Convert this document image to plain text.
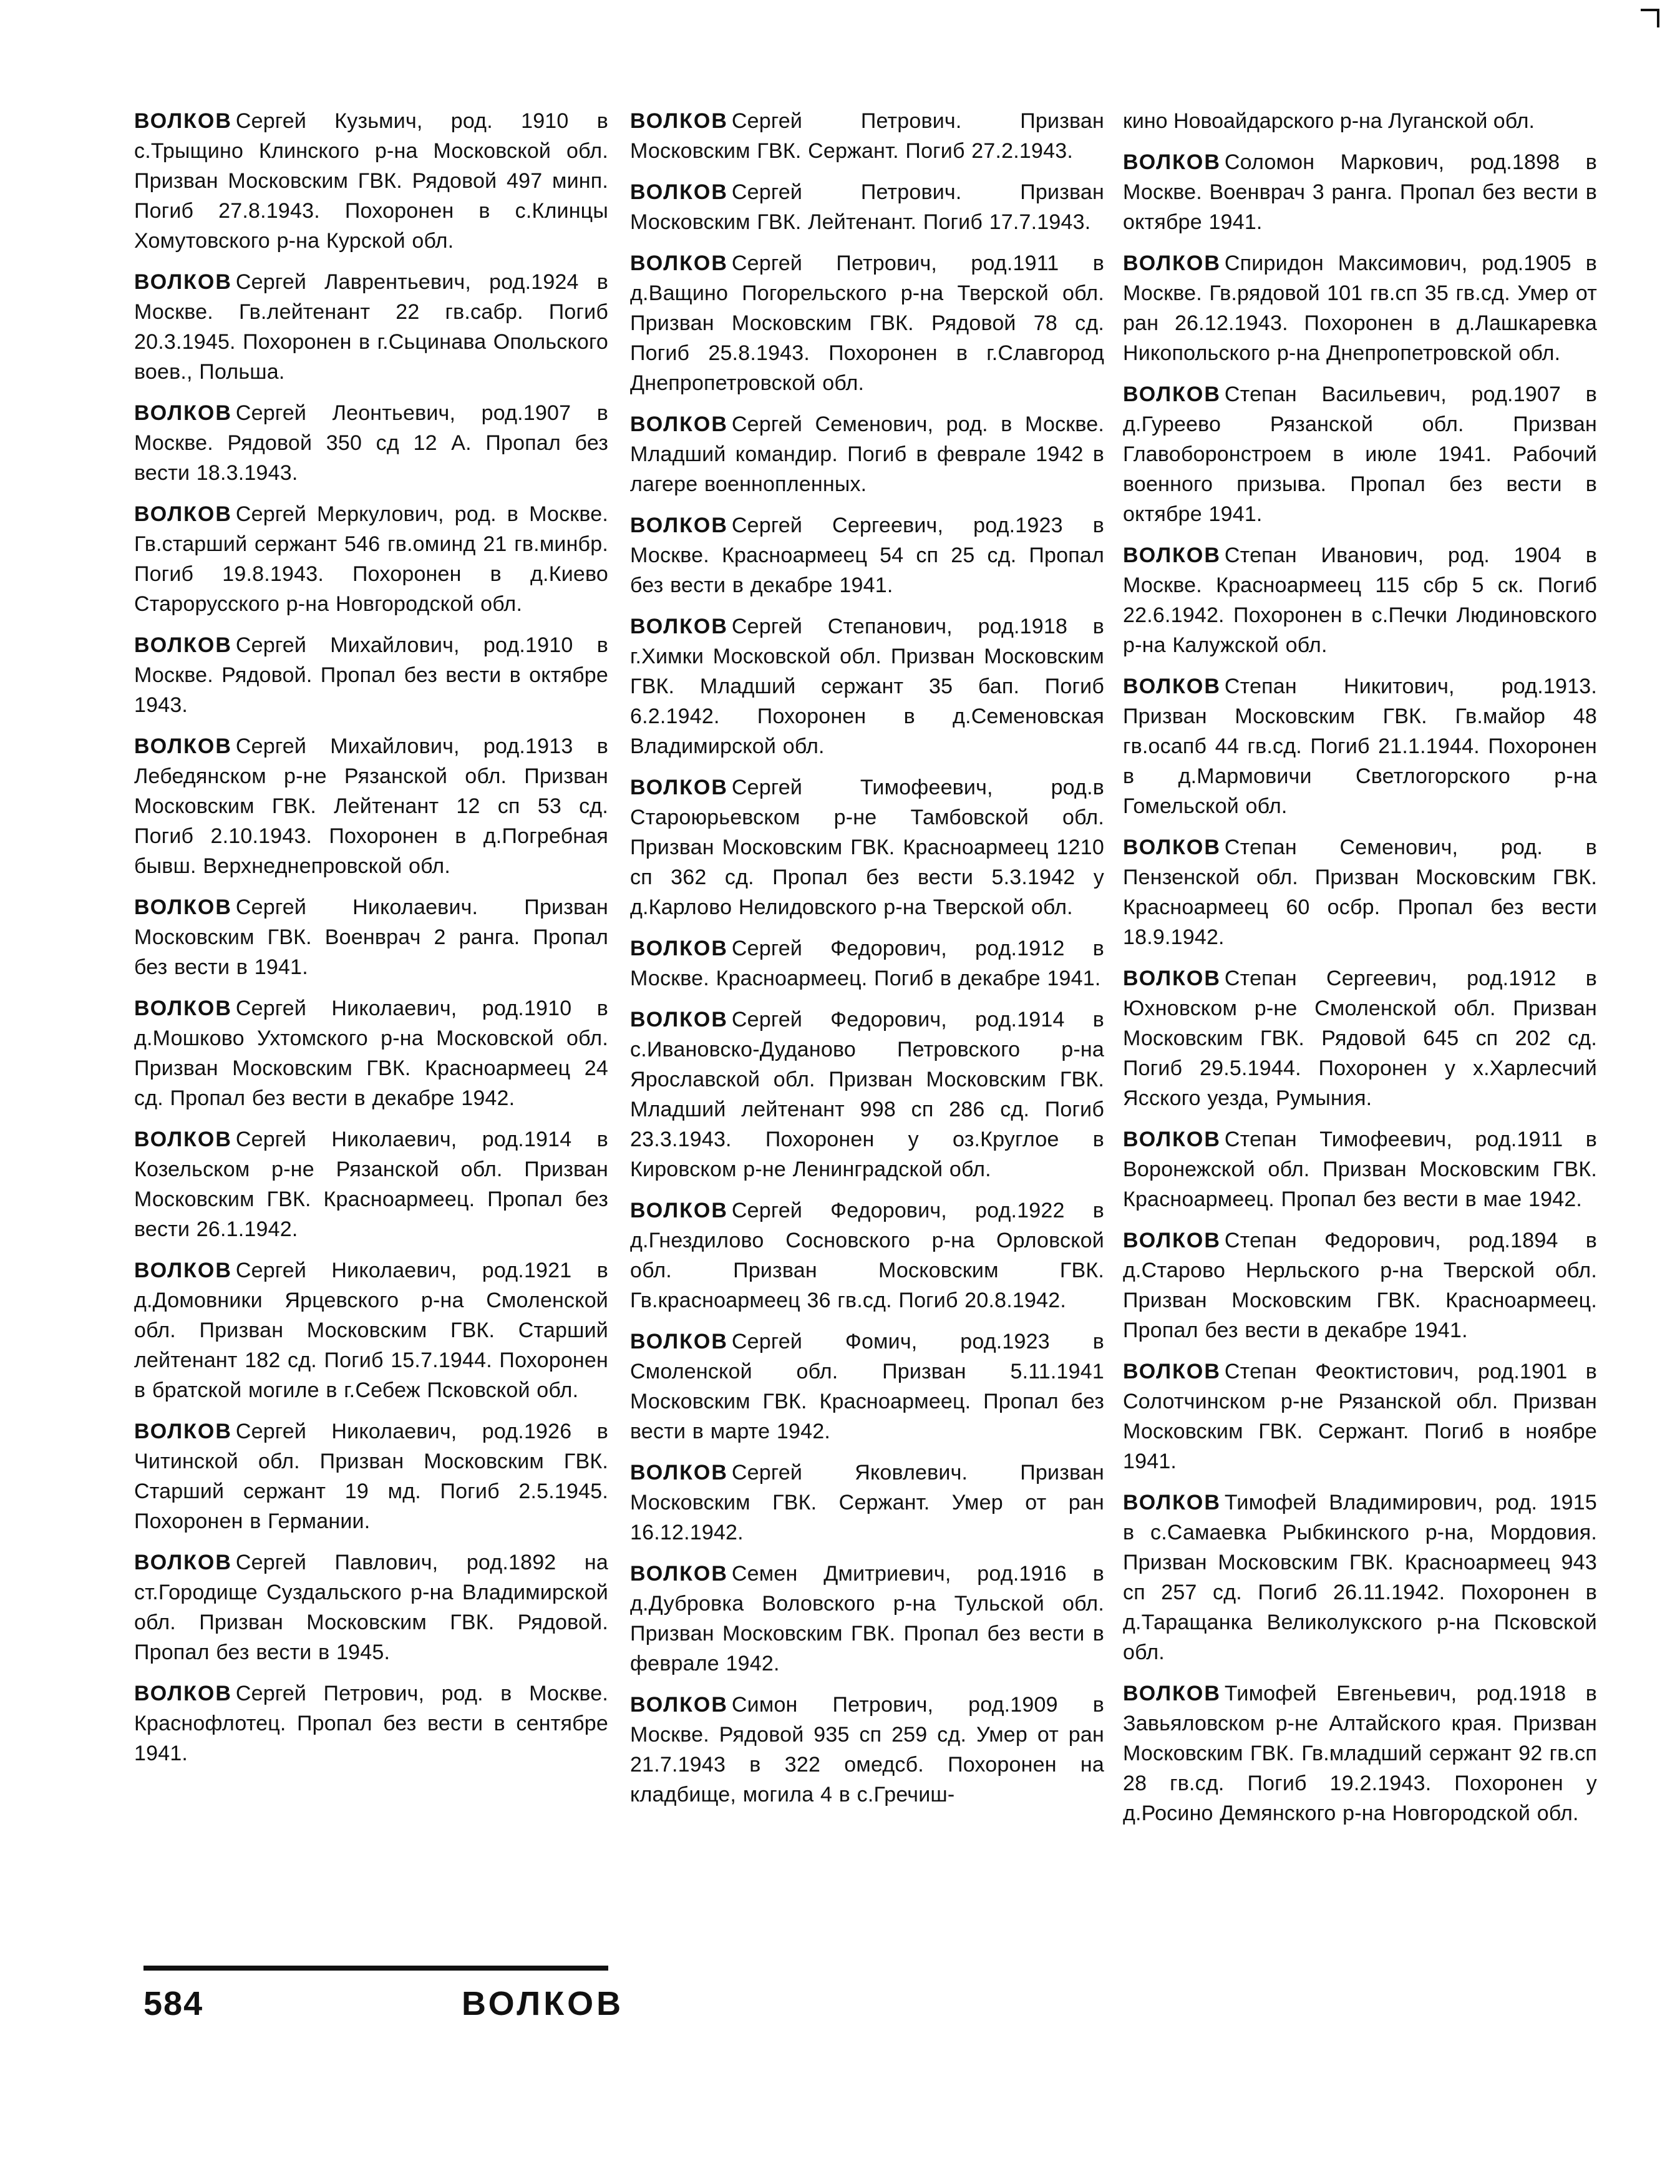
ВОЛКОВ Сергей Кузьмич, род. 1910 в с.Трыщино Клинского р-на Московской обл. Призван Московским ГВК. Рядовой 497 минп. Погиб 27.8.1943. Похоронен в с.Клинцы Хомутовского р-на Курской обл.

ВОЛКОВ Сергей Лаврентьевич, род.1924 в Москве. Гв.лейтенант 22 гв.сабр. Погиб 20.3.1945. Похоронен в г.Сьцинава Опольского воев., Польша.

ВОЛКОВ Сергей Леонтьевич, род.1907 в Москве. Рядовой 350 сд 12 А. Пропал без вести 18.3.1943.

ВОЛКОВ Сергей Меркулович, род. в Москве. Гв.старший сержант 546 гв.оминд 21 гв.минбр. Погиб 19.8.1943. Похоронен в д.Киево Старорусского р-на Новгородской обл.

ВОЛКОВ Сергей Михайлович, род.1910 в Москве. Рядовой. Пропал без вести в октябре 1943.

ВОЛКОВ Сергей Михайлович, род.1913 в Лебедянском р-не Рязанской обл. Призван Московским ГВК. Лейтенант 12 сп 53 сд. Погиб 2.10.1943. Похоронен в д.Погребная бывш. Верхнеднепровской обл.

ВОЛКОВ Сергей Николаевич. Призван Московским ГВК. Военврач 2 ранга. Пропал без вести в 1941.

ВОЛКОВ Сергей Николаевич, род.1910 в д.Мошково Ухтомского р-на Московской обл. Призван Московским ГВК. Красноармеец 24 сд. Пропал без вести в декабре 1942.

ВОЛКОВ Сергей Николаевич, род.1914 в Козельском р-не Рязанской обл. Призван Московским ГВК. Красноармеец. Пропал без вести 26.1.1942.

ВОЛКОВ Сергей Николаевич, род.1921 в д.Домовники Ярцевского р-на Смоленской обл. Призван Московским ГВК. Старший лейтенант 182 сд. Погиб 15.7.1944. Похоронен в братской могиле в г.Себеж Псковской обл.

ВОЛКОВ Сергей Николаевич, род.1926 в Читинской обл. Призван Московским ГВК. Старший сержант 19 мд. Погиб 2.5.1945. Похоронен в Германии.

ВОЛКОВ Сергей Павлович, род.1892 на ст.Городище Суздальского р-на Владимирской обл. Призван Московским ГВК. Рядовой. Пропал без вести в 1945.

ВОЛКОВ Сергей Петрович, род. в Москве. Краснофлотец. Пропал без вести в сентябре 1941.

ВОЛКОВ Сергей Петрович. Призван Московским ГВК. Сержант. Погиб 27.2.1943.

ВОЛКОВ Сергей Петрович. Призван Московским ГВК. Лейтенант. Погиб 17.7.1943.

ВОЛКОВ Сергей Петрович, род.1911 в д.Ващино Погорельского р-на Тверской обл. Призван Московским ГВК. Рядовой 78 сд. Погиб 25.8.1943. Похоронен в г.Славгород Днепропетровской обл.

ВОЛКОВ Сергей Семенович, род. в Москве. Младший командир. Погиб в феврале 1942 в лагере военнопленных.

ВОЛКОВ Сергей Сергеевич, род.1923 в Москве. Красноармеец 54 сп 25 сд. Пропал без вести в декабре 1941.

ВОЛКОВ Сергей Степанович, род.1918 в г.Химки Московской обл. Призван Московским ГВК. Младший сержант 35 бап. Погиб 6.2.1942. Похоронен в д.Семеновская Владимирской обл.

ВОЛКОВ Сергей Тимофеевич, род.в Староюрьевском р-не Тамбовской обл. Призван Московским ГВК. Красноармеец 1210 сп 362 сд. Пропал без вести 5.3.1942 у д.Карлово Нелидовского р-на Тверской обл.

ВОЛКОВ Сергей Федорович, род.1912 в Москве. Красноармеец. Погиб в декабре 1941.

ВОЛКОВ Сергей Федорович, род.1914 в с.Ивановско-Дуданово Петровского р-на Ярославской обл. Призван Московским ГВК. Младший лейтенант 998 сп 286 сд. Погиб 23.3.1943. Похоронен у оз.Круглое в Кировском р-не Ленинградской обл.

ВОЛКОВ Сергей Федорович, род.1922 в д.Гнездилово Сосновского р-на Орловской обл. Призван Московским ГВК. Гв.красноармеец 36 гв.сд. Погиб 20.8.1942.

ВОЛКОВ Сергей Фомич, род.1923 в Смоленской обл. Призван 5.11.1941 Московским ГВК. Красноармеец. Пропал без вести в марте 1942.

ВОЛКОВ Сергей Яковлевич. Призван Московским ГВК. Сержант. Умер от ран 16.12.1942.

ВОЛКОВ Семен Дмитриевич, род.1916 в д.Дубровка Воловского р-на Тульской обл. Призван Московским ГВК. Пропал без вести в феврале 1942.

ВОЛКОВ Симон Петрович, род.1909 в Москве. Рядовой 935 сп 259 сд. Умер от ран 21.7.1943 в 322 омедсб. Похоронен на кладбище, могила 4 в с.Гречиш-

кино Новоайдарского р-на Луганской обл.

ВОЛКОВ Соломон Маркович, род.1898 в Москве. Военврач 3 ранга. Пропал без вести в октябре 1941.

ВОЛКОВ Спиридон Максимович, род.1905 в Москве. Гв.рядовой 101 гв.сп 35 гв.сд. Умер от ран 26.12.1943. Похоронен в д.Лашкаревка Никопольского р-на Днепропетровской обл.

ВОЛКОВ Степан Васильевич, род.1907 в д.Гуреево Рязанской обл. Призван Главоборонстроем в июле 1941. Рабочий военного призыва. Пропал без вести в октябре 1941.

ВОЛКОВ Степан Иванович, род. 1904 в Москве. Красноармеец 115 сбр 5 ск. Погиб 22.6.1942. Похоронен в с.Печки Людиновского р-на Калужской обл.

ВОЛКОВ Степан Никитович, род.1913. Призван Московским ГВК. Гв.майор 48 гв.осапб 44 гв.сд. Погиб 21.1.1944. Похоронен в д.Мармовичи Светлогорского р-на Гомельской обл.

ВОЛКОВ Степан Семенович, род. в Пензенской обл. Призван Московским ГВК. Красноармеец 60 осбр. Пропал без вести 18.9.1942.

ВОЛКОВ Степан Сергеевич, род.1912 в Юхновском р-не Смоленской обл. Призван Московским ГВК. Рядовой 645 сп 202 сд. Погиб 29.5.1944. Похоронен у х.Харлесчий Ясского уезда, Румыния.

ВОЛКОВ Степан Тимофеевич, род.1911 в Воронежской обл. Призван Московским ГВК. Красноармеец. Пропал без вести в мае 1942.

ВОЛКОВ Степан Федорович, род.1894 в д.Старово Нерльского р-на Тверской обл. Призван Московским ГВК. Красноармеец. Пропал без вести в декабре 1941.

ВОЛКОВ Степан Феоктистович, род.1901 в Солотчинском р-не Рязанской обл. Призван Московским ГВК. Сержант. Погиб в ноябре 1941.

ВОЛКОВ Тимофей Владимирович, род. 1915 в с.Самаевка Рыбкинского р-на, Мордовия. Призван Московским ГВК. Красноармеец 943 сп 257 сд. Погиб 26.11.1942. Похоронен в д.Таращанка Великолукского р-на Псковской обл.

ВОЛКОВ Тимофей Евгеньевич, род.1918 в Завьяловском р-не Алтайского края. Призван Московским ГВК. Гв.младший сержант 92 гв.сп 28 гв.сд. Погиб 19.2.1943. Похоронен у д.Росино Демянского р-на Новгородской обл.

584	ВОЛКОВ
